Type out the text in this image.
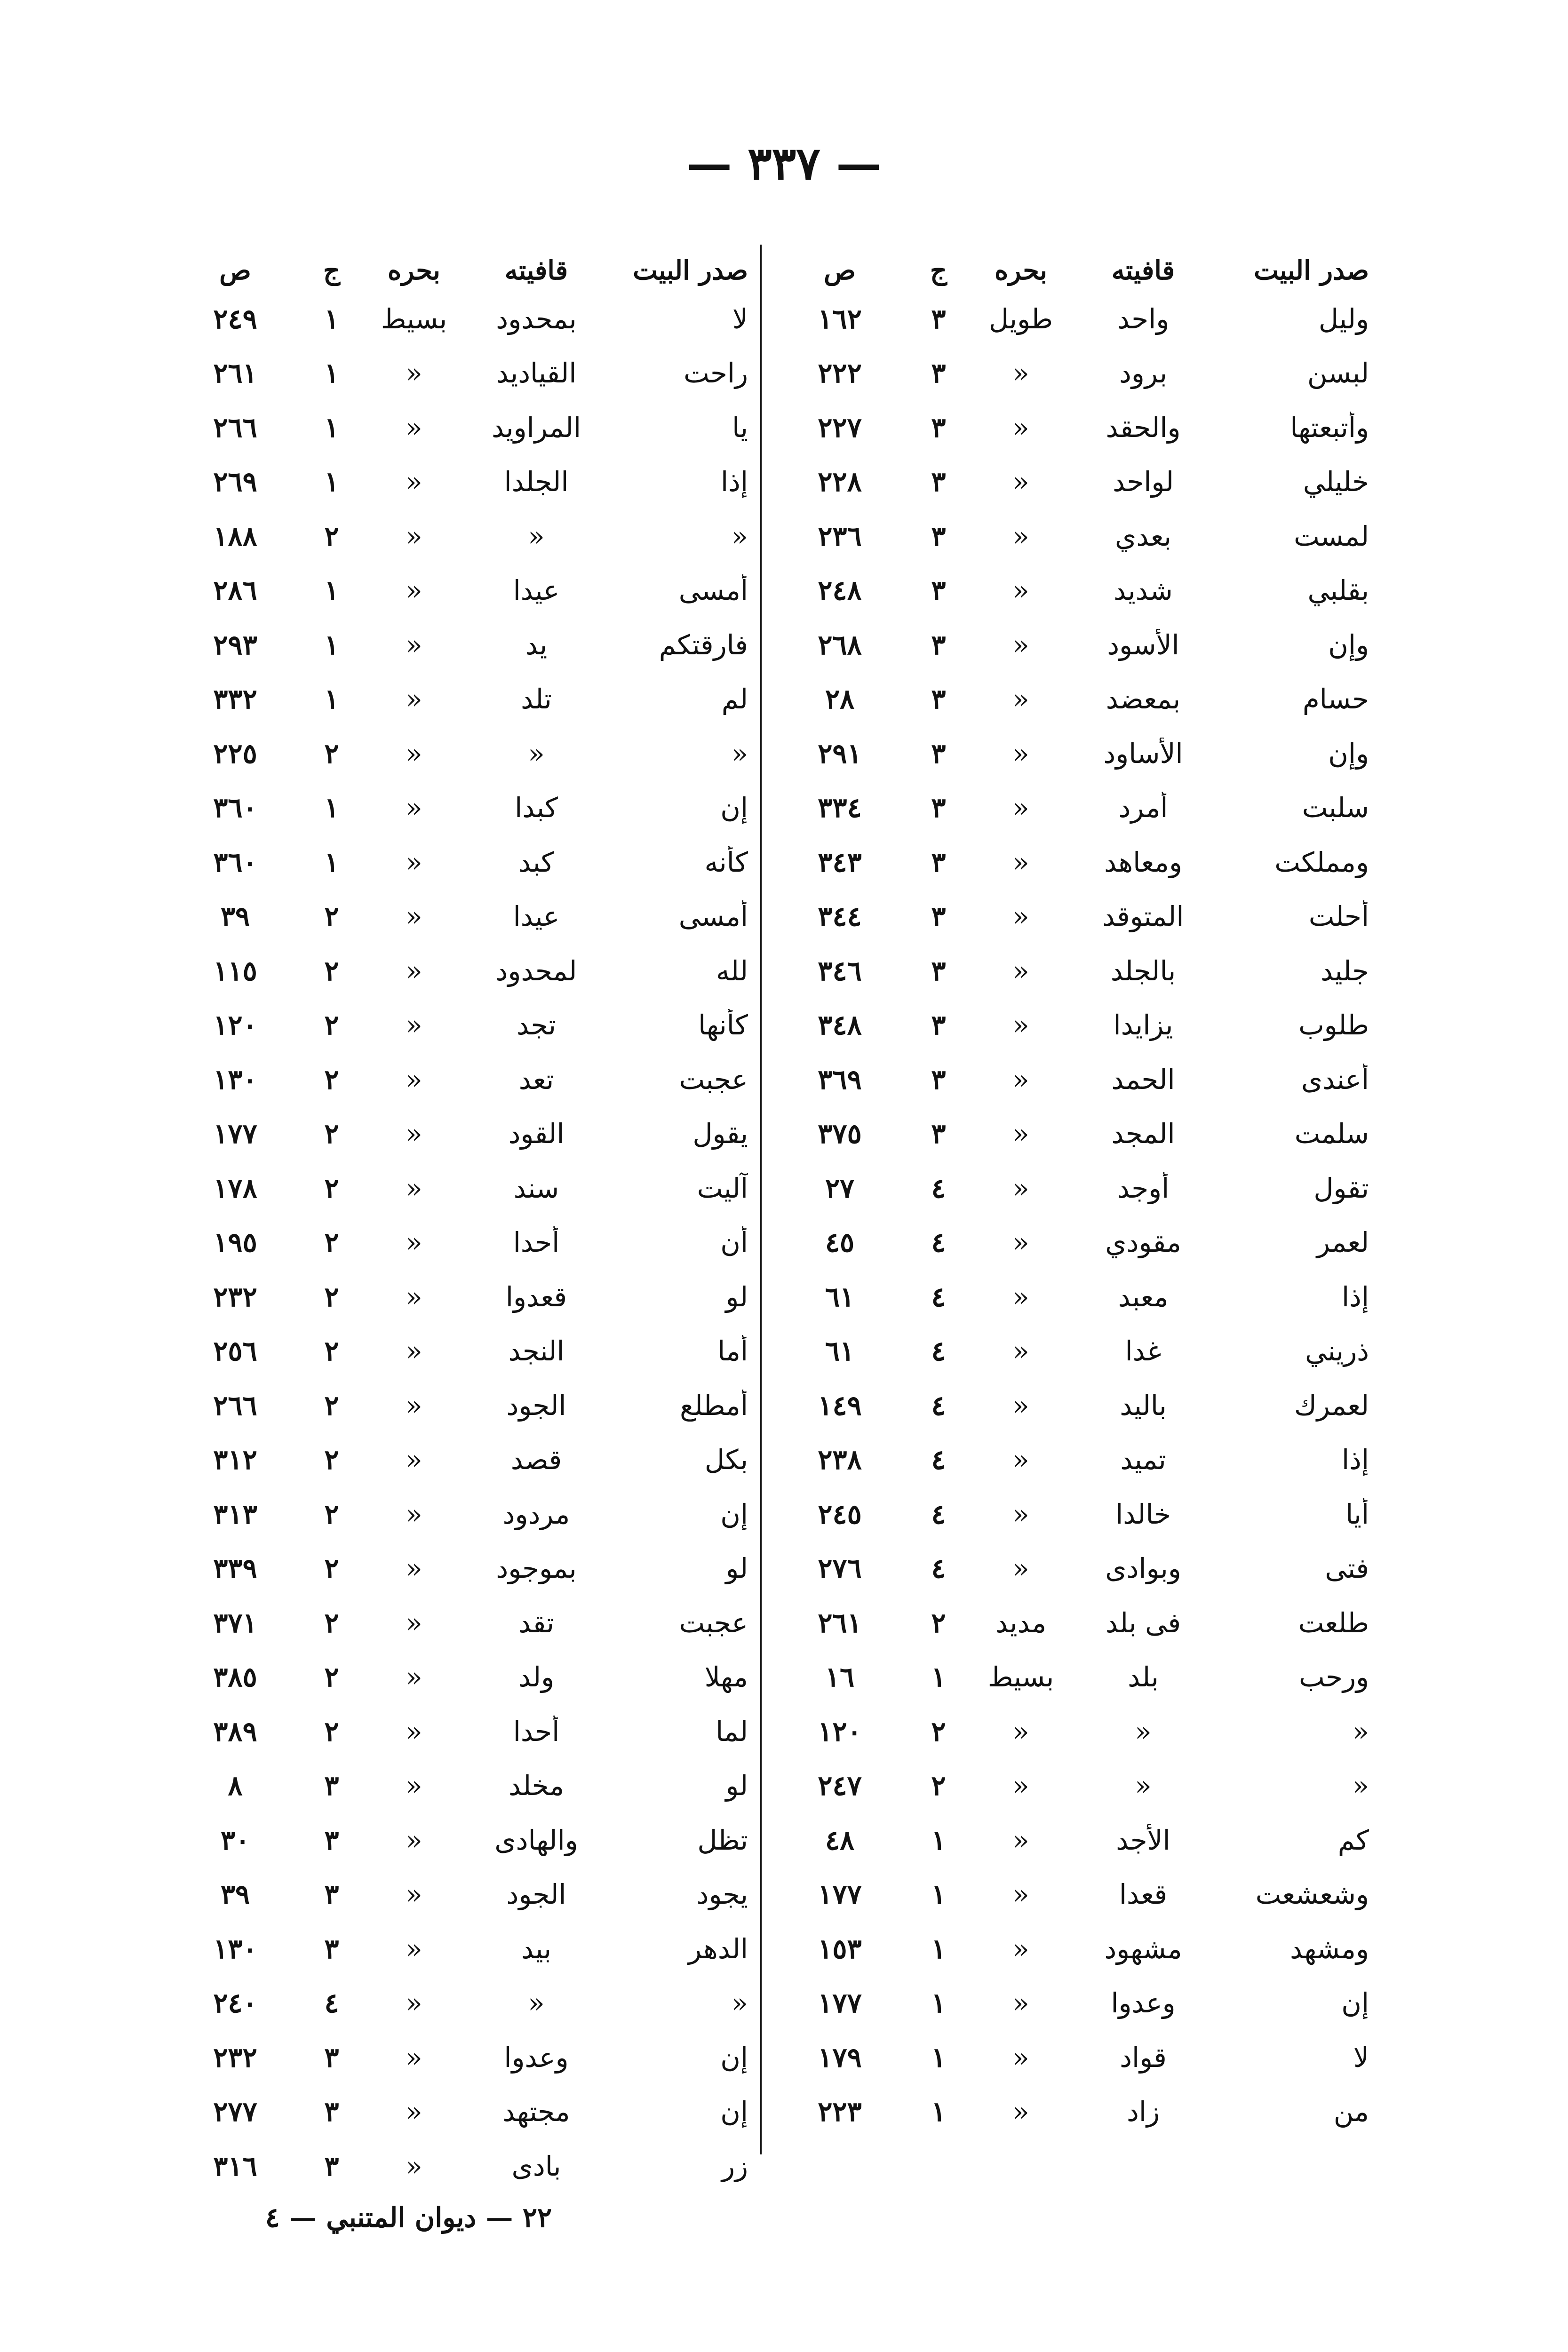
— ٣٣٧ —
صدر البيت
قافيته
بحره
ج
ص
وليل
واحد
طويل
٣
١٦٢
لبسن
برود
«
٣
٢٢٢
وأتبعتها
والحقد
«
٣
٢٢٧
خليلي
لواحد
«
٣
٢٢٨
لمست
بعدي
«
٣
٢٣٦
بقلبي
شديد
«
٣
٢٤٨
وإن
الأسود
«
٣
٢٦٨
حسام
بمعضد
«
٣
٢٨
وإن
الأساود
«
٣
٢٩١
سلبت
أمرد
«
٣
٣٣٤
ومملكت
ومعاهد
«
٣
٣٤٣
أحلت
المتوقد
«
٣
٣٤٤
جليد
بالجلد
«
٣
٣٤٦
طلوب
يزايدا
«
٣
٣٤٨
أعندى
الحمد
«
٣
٣٦٩
سلمت
المجد
«
٣
٣٧٥
تقول
أوجد
«
٤
٢٧
لعمر
مقودي
«
٤
٤٥
إذا
معبد
«
٤
٦١
ذريني
غدا
«
٤
٦١
لعمرك
باليد
«
٤
١٤٩
إذا
تميد
«
٤
٢٣٨
أيا
خالدا
«
٤
٢٤٥
فتى
وبوادى
«
٤
٢٧٦
طلعت
فى بلد
مديد
٢
٢٦١
ورحب
بلد
بسيط
١
١٦
«
«
«
٢
١٢٠
«
«
«
٢
٢٤٧
كم
الأجد
«
١
٤٨
وشعشعت
قعدا
«
١
١٧٧
ومشهد
مشهود
«
١
١٥٣
إن
وعدوا
«
١
١٧٧
لا
قواد
«
١
١٧٩
من
زاد
«
١
٢٢٣
صدر البيت
قافيته
بحره
ج
ص
لا
بمحدود
بسيط
١
٢٤٩
راحت
القياديد
«
١
٢٦١
يا
المراويد
«
١
٢٦٦
إذا
الجلدا
«
١
٢٦٩
«
«
«
٢
١٨٨
أمسى
عيدا
«
١
٢٨٦
فارقتكم
يد
«
١
٢٩٣
لم
تلد
«
١
٣٣٢
«
«
«
٢
٢٢٥
إن
كبدا
«
١
٣٦٠
كأنه
كبد
«
١
٣٦٠
أمسى
عيدا
«
٢
٣٩
لله
لمحدود
«
٢
١١٥
كأنها
تجد
«
٢
١٢٠
عجبت
تعد
«
٢
١٣٠
يقول
القود
«
٢
١٧٧
آليت
سند
«
٢
١٧٨
أن
أحدا
«
٢
١٩٥
لو
قعدوا
«
٢
٢٣٢
أما
النجد
«
٢
٢٥٦
أمطلع
الجود
«
٢
٢٦٦
بكل
قصد
«
٢
٣١٢
إن
مردود
«
٢
٣١٣
لو
بموجود
«
٢
٣٣٩
عجبت
تقد
«
٢
٣٧١
مهلا
ولد
«
٢
٣٨٥
لما
أحدا
«
٢
٣٨٩
لو
مخلد
«
٣
٨
تظل
والهادى
«
٣
٣٠
يجود
الجود
«
٣
٣٩
الدهر
بيد
«
٣
١٣٠
«
«
«
٤
٢٤٠
إن
وعدوا
«
٣
٢٣٢
إن
مجتهد
«
٣
٢٧٧
زر
بادى
«
٣
٣١٦
٢٢ — ديوان المتنبي — ٤
